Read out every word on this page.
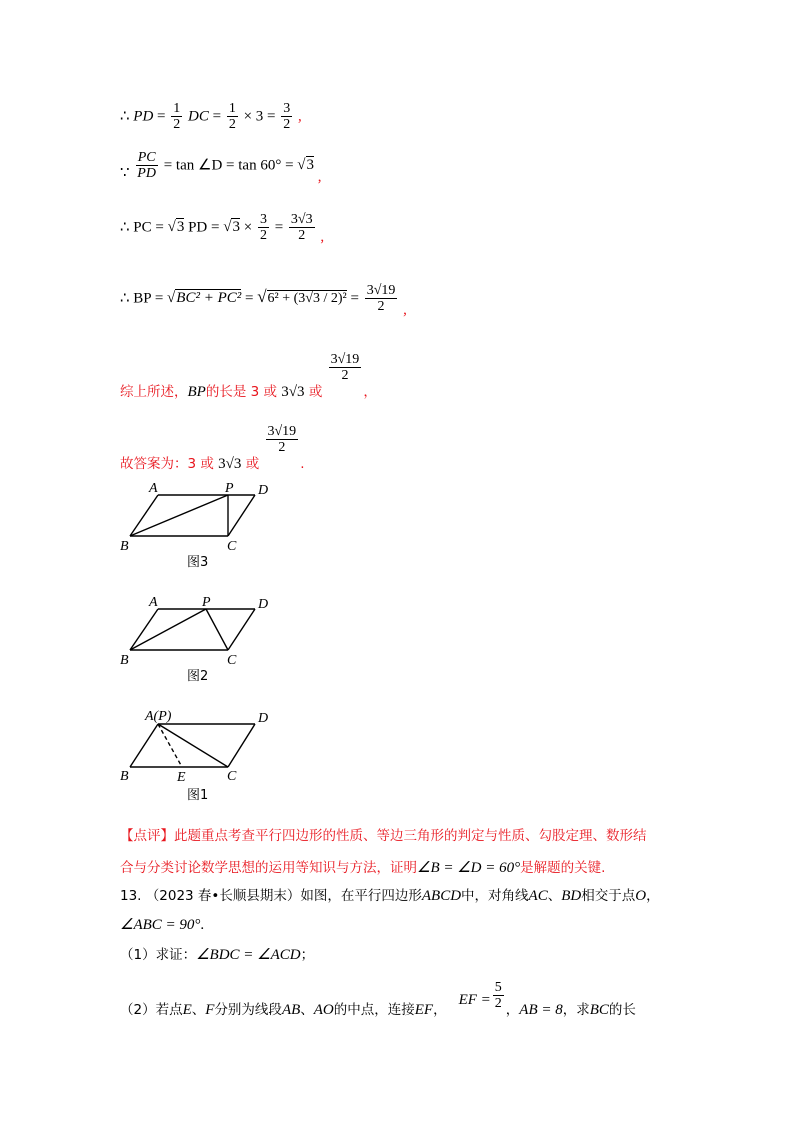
∴ PD = $\frac{1}{2}$ DC = $\frac{1}{2} \times 3 = \frac{3}{2}$ ,
∵ $\frac{PC}{PD} = \tan$ ∠D = tan 60° = √3 ,
∴ PC = √3 PD = $√3 \times \frac{3}{2} = \frac{3√3}{2}$ ,
∴ BP = $√BC^2 + PC^2 = √6^2 + (3√3 / 2)^2 = \frac{3√19}{2}$ ,
综上所述，BP的长是 3 或 3√3 或
$\frac{3√19}{2}$
，
故答案为：3 或 3√3 或
$\frac{3√19}{2}$
.
A	P D
B	C
图3
A	P	D
B	C
图2
A(P)	D
B	E	C
图1
【点评】此题重点考查平行四边形的性质、等边三角形的判定与性质、勾股定理、数形结
合与分类讨论数学思想的运用等知识与方法，证明∠B = ∠D = 60°是解题的关键.
13. （2023 春•长顺县期末）如图，在平行四边形ABCD中，对角线AC、BD相交于点O，
∠ABC = 90°.
（1）求证：∠BDC = ∠ACD；
（2）若点E、F分别为线段AB、AO的中点，连接EF，EF = $\frac{5}{2}$ ，AB = 8，求BC的长
